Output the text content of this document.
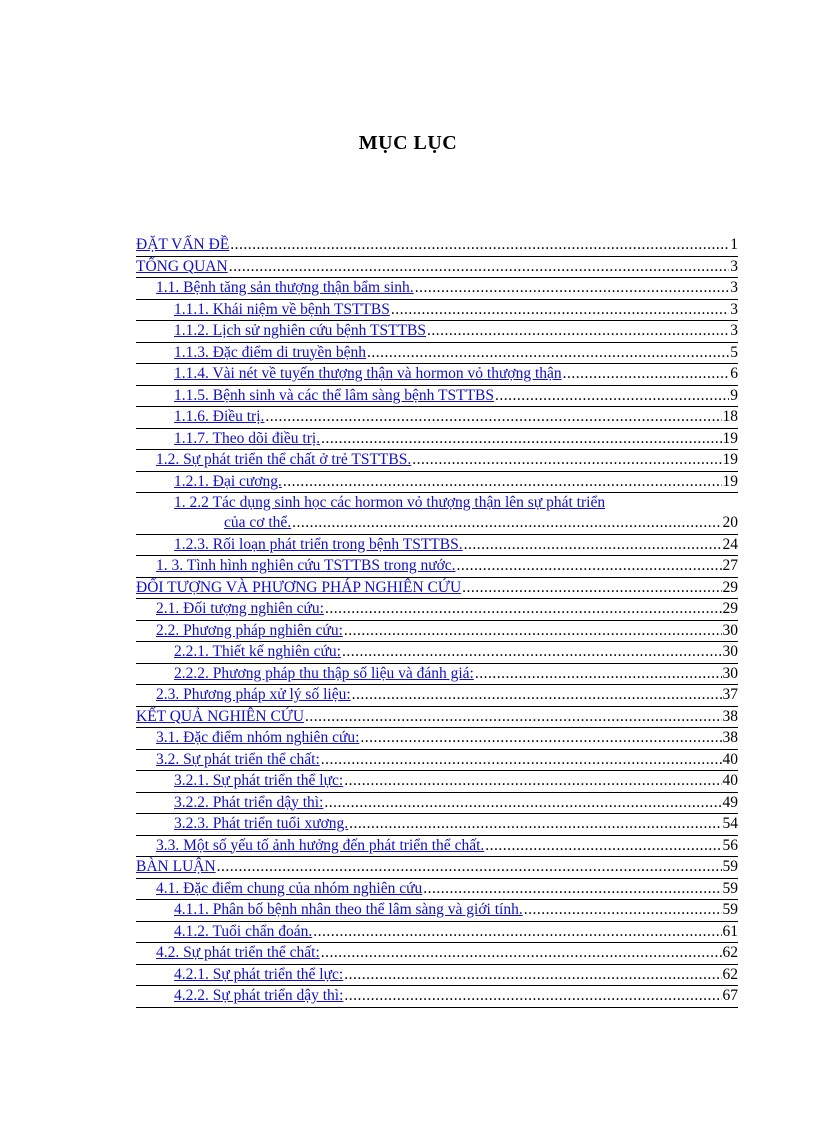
MỤC LỤC
ĐẶT VẤN ĐỀ .....	1
TỔNG QUAN .....	3
1.1. Bệnh tăng sản thượng thận bẩm sinh. .....	3
1.1.1. Khái niệm về bệnh TSTTBS .....	3
1.1.2. Lịch sử nghiên cứu bệnh TSTTBS .....	3
1.1.3. Đặc điểm di truyền bệnh .....	5
1.1.4. Vài nét về tuyến thượng thận và hormon vỏ thượng thận .....	6
1.1.5. Bệnh sinh và các thể lâm sàng bệnh TSTTBS .....	9
1.1.6. Điều trị. .....	18
1.1.7. Theo dõi điều trị. .....	19
1.2. Sự phát triển thể chất ở trẻ TSTTBS. .....	19
1.2.1. Đại cương. .....	19
1. 2.2 Tác dụng sinh học các hormon vỏ thượng thận lên sự phát triển
của cơ thể. .....	20
1.2.3. Rối loạn phát triển trong bệnh TSTTBS. .....	24
1. 3. Tình hình nghiên cứu TSTTBS trong nước. .....	27
ĐỐI TƯỢNG VÀ PHƯƠNG PHÁP NGHIÊN CỨU .....	29
2.1. Đối tượng nghiên cứu: .....	29
2.2. Phương pháp nghiên cứu: .....	30
2.2.1. Thiết kế nghiên cứu: .....	30
2.2.2. Phương pháp thu thập số liệu và đánh giá: .....	30
2.3. Phương pháp xử lý số liệu: .....	37
KẾT QUẢ NGHIÊN CỨU .....	38
3.1. Đặc điểm nhóm nghiên cứu: .....	38
3.2. Sự phát triển thể chất: .....	40
3.2.1. Sự phát triển thể lực: .....	40
3.2.2. Phát triển dậy thì: .....	49
3.2.3. Phát triển tuổi xương. .....	54
3.3. Một số yếu tố ảnh hưởng đến phát triển thể chất. .....	56
BÀN LUẬN .....	59
4.1. Đặc điểm chung của nhóm nghiên cứu .....	59
4.1.1. Phân bố bệnh nhân theo thể lâm sàng và giới tính. .....	59
4.1.2. Tuổi chẩn đoán. .....	61
4.2. Sự phát triển thể chất: .....	62
4.2.1. Sự phát triển thể lực: .....	62
4.2.2. Sự phát triển dậy thì: .....	67
